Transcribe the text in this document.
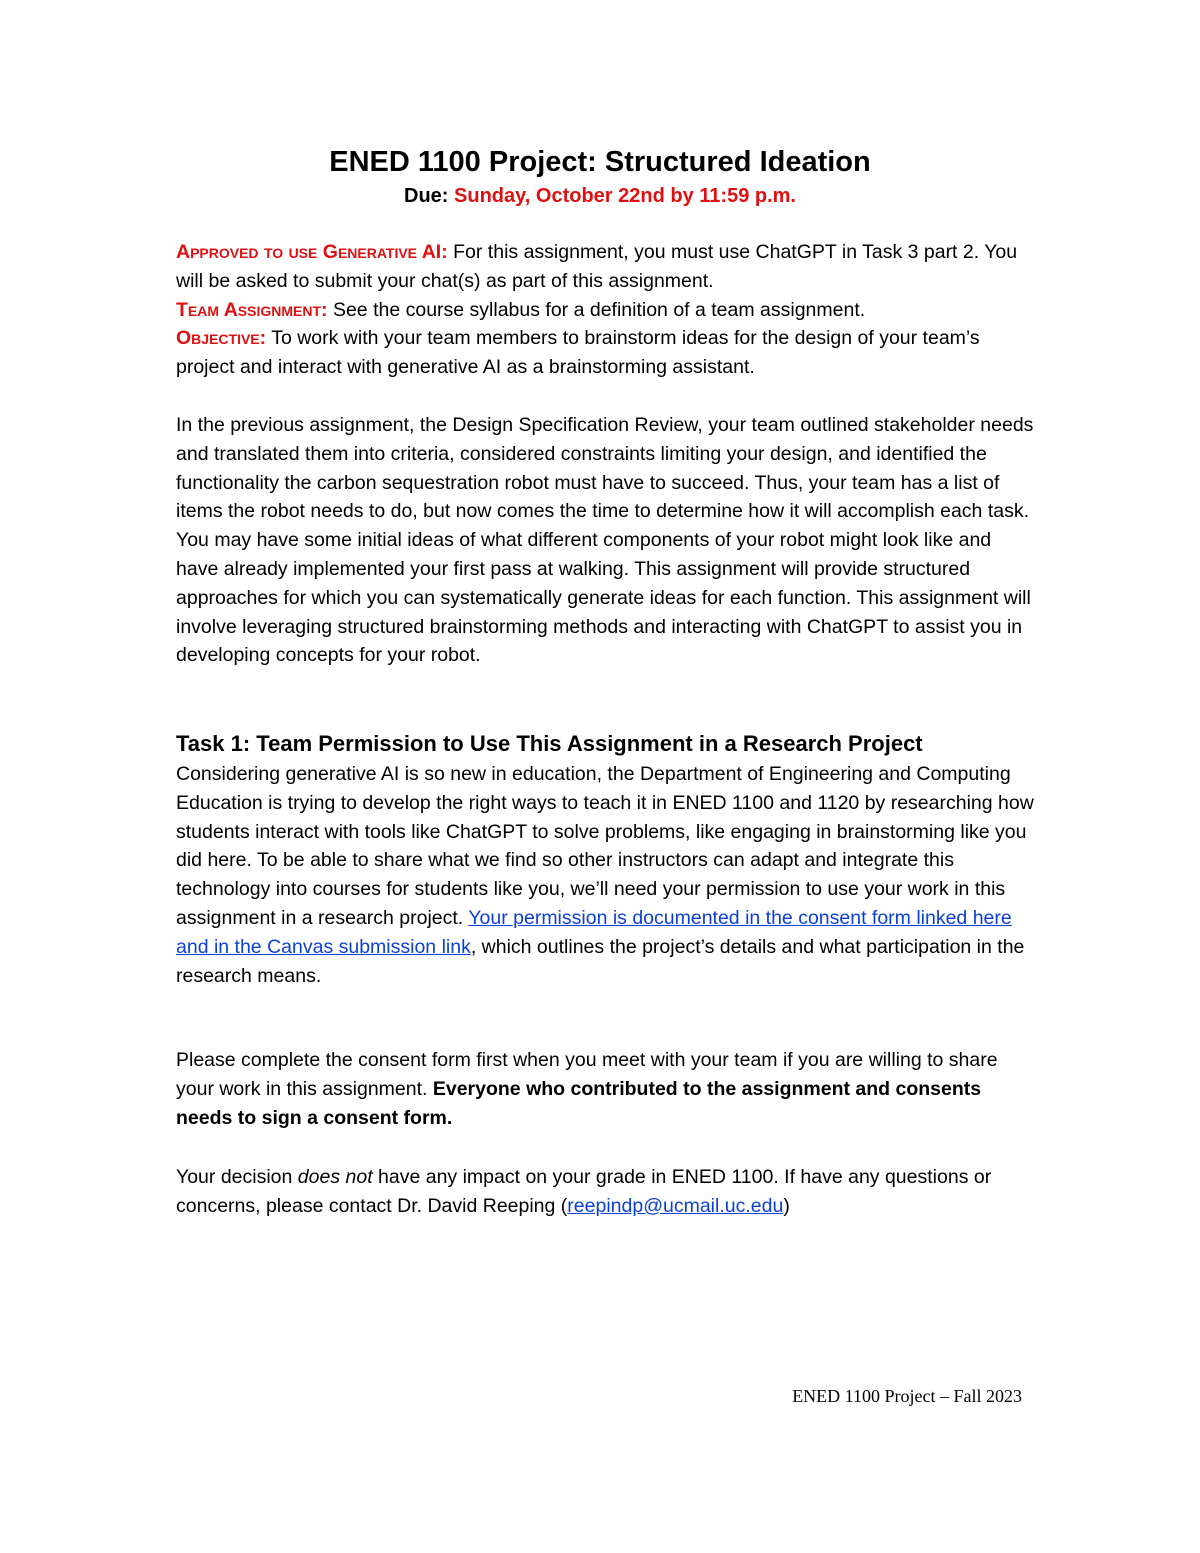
ENED 1100 Project: Structured Ideation
Due: Sunday, October 22nd by 11:59 p.m.

Approved to use Generative AI: For this assignment, you must use ChatGPT in Task 3 part 2. You will be asked to submit your chat(s) as part of this assignment.

Team Assignment: See the course syllabus for a definition of a team assignment.

Objective: To work with your team members to brainstorm ideas for the design of your team’s project and interact with generative AI as a brainstorming assistant.

In the previous assignment, the Design Specification Review, your team outlined stakeholder needs and translated them into criteria, considered constraints limiting your design, and identified the functionality the carbon sequestration robot must have to succeed. Thus, your team has a list of items the robot needs to do, but now comes the time to determine how it will accomplish each task. You may have some initial ideas of what different components of your robot might look like and have already implemented your first pass at walking. This assignment will provide structured approaches for which you can systematically generate ideas for each function. This assignment will involve leveraging structured brainstorming methods and interacting with ChatGPT to assist you in developing concepts for your robot.

Task 1: Team Permission to Use This Assignment in a Research Project

Considering generative AI is so new in education, the Department of Engineering and Computing Education is trying to develop the right ways to teach it in ENED 1100 and 1120 by researching how students interact with tools like ChatGPT to solve problems, like engaging in brainstorming like you did here. To be able to share what we find so other instructors can adapt and integrate this technology into courses for students like you, we’ll need your permission to use your work in this assignment in a research project. Your permission is documented in the consent form linked here and in the Canvas submission link, which outlines the project’s details and what participation in the research means.

Please complete the consent form first when you meet with your team if you are willing to share your work in this assignment. Everyone who contributed to the assignment and consents needs to sign a consent form.

Your decision does not have any impact on your grade in ENED 1100. If have any questions or concerns, please contact Dr. David Reeping (reepindp@ucmail.uc.edu)

ENED 1100 Project – Fall 2023
